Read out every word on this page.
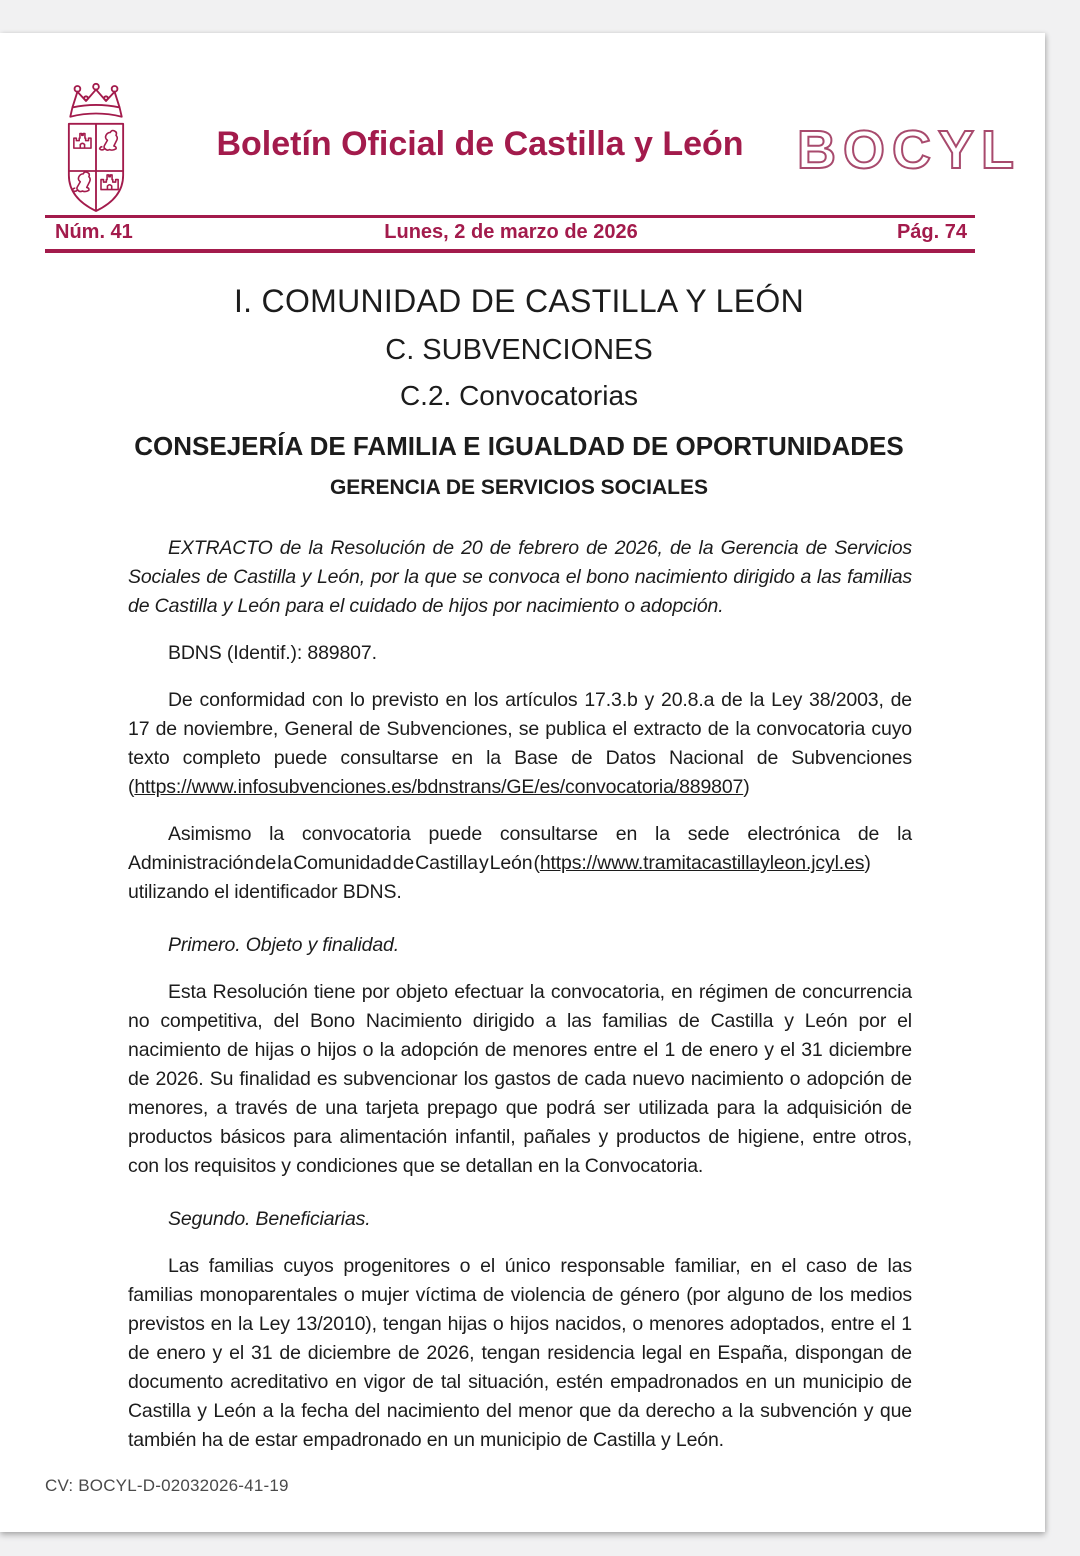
Boletín Oficial de Castilla y León BOCYL
Núm. 41	Lunes, 2 de marzo de 2026	Pág. 74
I. COMUNIDAD DE CASTILLA Y LEÓN
C. SUBVENCIONES
C.2. Convocatorias
CONSEJERÍA DE FAMILIA E IGUALDAD DE OPORTUNIDADES
GERENCIA DE SERVICIOS SOCIALES

EXTRACTO de la Resolución de 20 de febrero de 2026, de la Gerencia de Servicios Sociales de Castilla y León, por la que se convoca el bono nacimiento dirigido a las familias de Castilla y León para el cuidado de hijos por nacimiento o adopción.

BDNS (Identif.): 889807.

De conformidad con lo previsto en los artículos 17.3.b y 20.8.a de la Ley 38/2003, de 17 de noviembre, General de Subvenciones, se publica el extracto de la convocatoria cuyo texto completo puede consultarse en la Base de Datos Nacional de Subvenciones (https://www.infosubvenciones.es/bdnstrans/GE/es/convocatoria/889807)

Asimismo la convocatoria puede consultarse en la sede electrónica de la
Administración de la Comunidad de Castilla y León (https://www.tramitacastillayleon.jcyl.es)
utilizando el identificador BDNS.

Primero. Objeto y finalidad.

Esta Resolución tiene por objeto efectuar la convocatoria, en régimen de concurrencia no competitiva, del Bono Nacimiento dirigido a las familias de Castilla y León por el nacimiento de hijas o hijos o la adopción de menores entre el 1 de enero y el 31 diciembre de 2026. Su finalidad es subvencionar los gastos de cada nuevo nacimiento o adopción de menores, a través de una tarjeta prepago que podrá ser utilizada para la adquisición de productos básicos para alimentación infantil, pañales y productos de higiene, entre otros, con los requisitos y condiciones que se detallan en la Convocatoria.

Segundo. Beneficiarias.

Las familias cuyos progenitores o el único responsable familiar, en el caso de las familias monoparentales o mujer víctima de violencia de género (por alguno de los medios previstos en la Ley 13/2010), tengan hijas o hijos nacidos, o menores adoptados, entre el 1 de enero y el 31 de diciembre de 2026, tengan residencia legal en España, dispongan de documento acreditativo en vigor de tal situación, estén empadronados en un municipio de Castilla y León a la fecha del nacimiento del menor que da derecho a la subvención y que también ha de estar empadronado en un municipio de Castilla y León.

CV: BOCYL-D-02032026-41-19
